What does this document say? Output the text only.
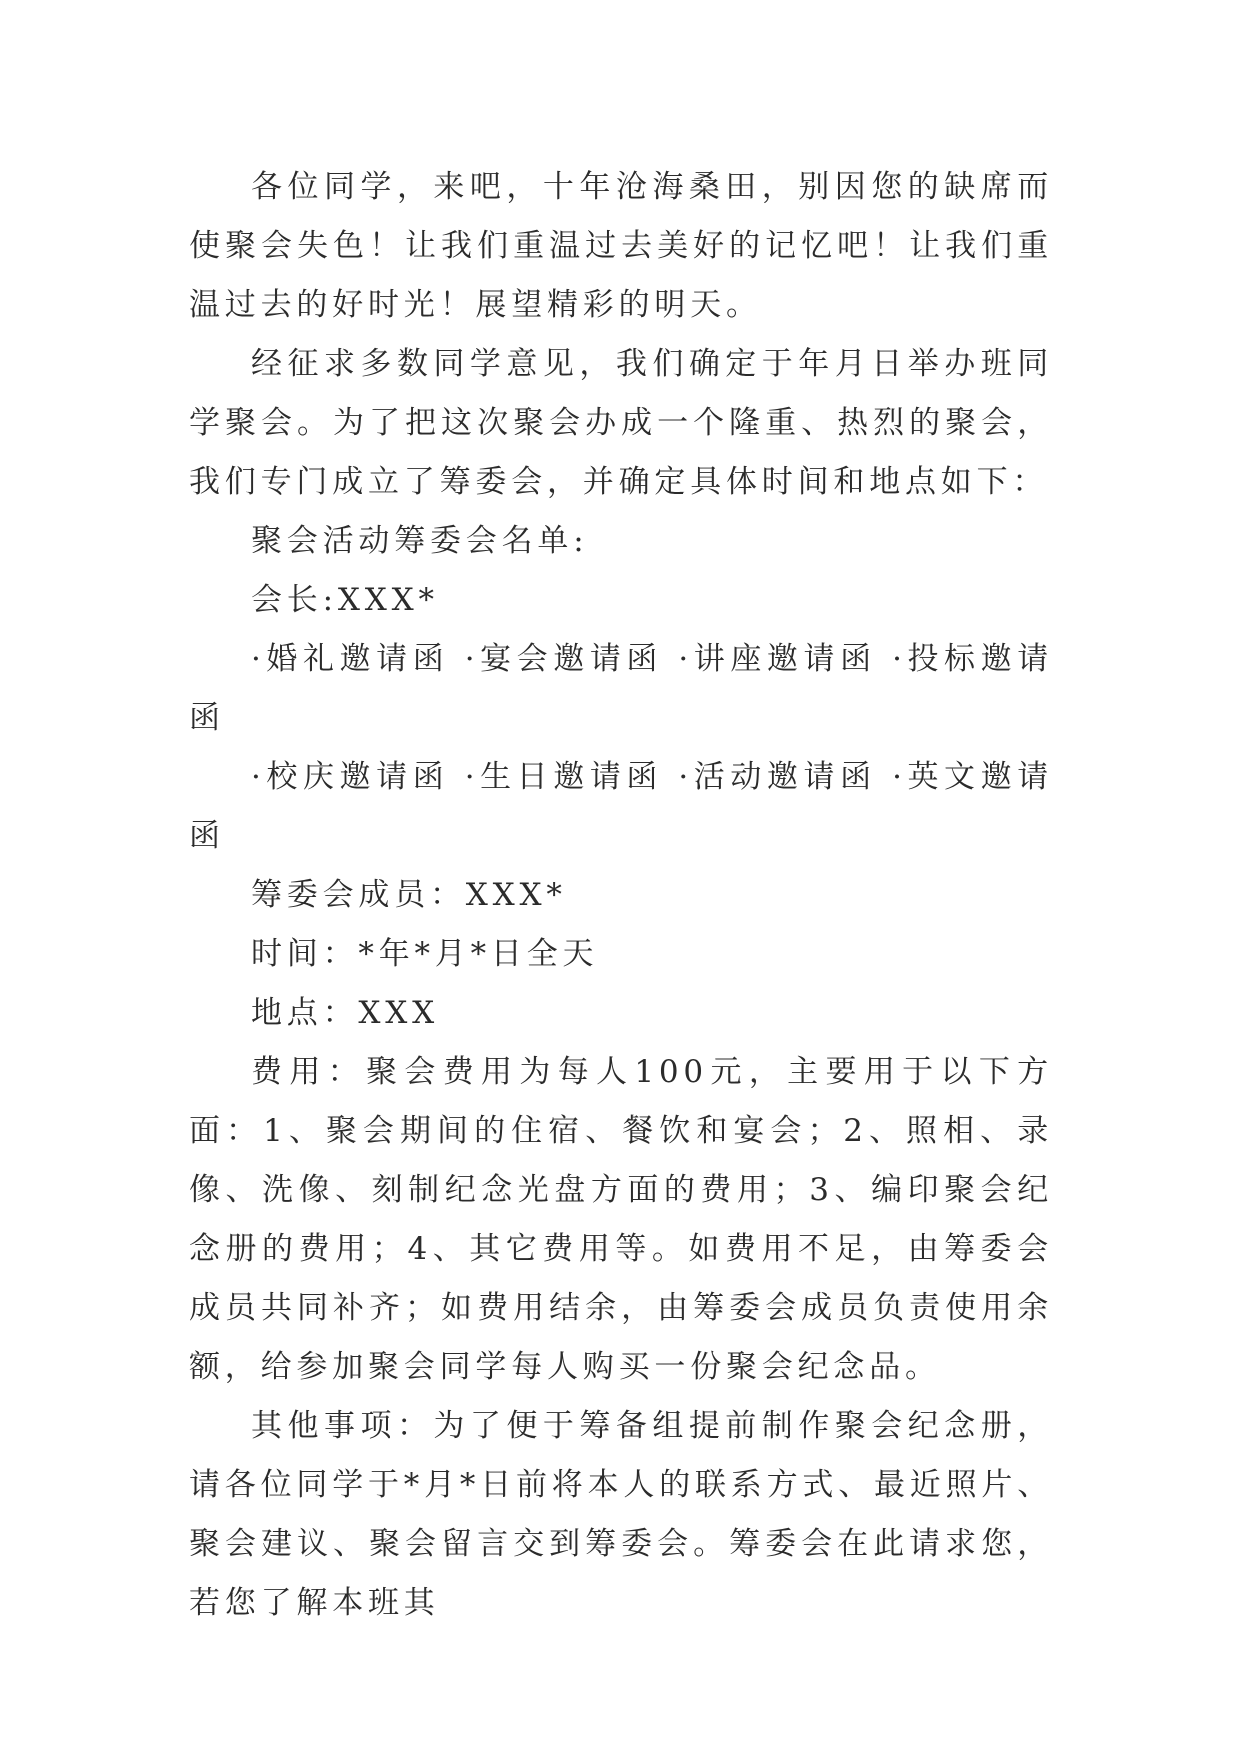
各位同学，来吧，十年沧海桑田，别因您的缺席而使聚会失色！让我们重温过去美好的记忆吧！让我们重温过去的好时光！展望精彩的明天。

经征求多数同学意见，我们确定于年月日举办班同学聚会。为了把这次聚会办成一个隆重、热烈的聚会，我们专门成立了筹委会，并确定具体时间和地点如下：

聚会活动筹委会名单:

会长:XXX*

·婚礼邀请函 ·宴会邀请函 ·讲座邀请函 ·投标邀请函

·校庆邀请函 ·生日邀请函 ·活动邀请函 ·英文邀请函

筹委会成员：XXX*

时间：*年*月*日全天

地点：XXX

费用：聚会费用为每人100元，主要用于以下方面：1、聚会期间的住宿、餐饮和宴会；2、照相、录像、洗像、刻制纪念光盘方面的费用；3、编印聚会纪念册的费用；4、其它费用等。如费用不足，由筹委会成员共同补齐；如费用结余，由筹委会成员负责使用余额，给参加聚会同学每人购买一份聚会纪念品。

其他事项：为了便于筹备组提前制作聚会纪念册，请各位同学于*月*日前将本人的联系方式、最近照片、聚会建议、聚会留言交到筹委会。筹委会在此请求您，若您了解本班其
